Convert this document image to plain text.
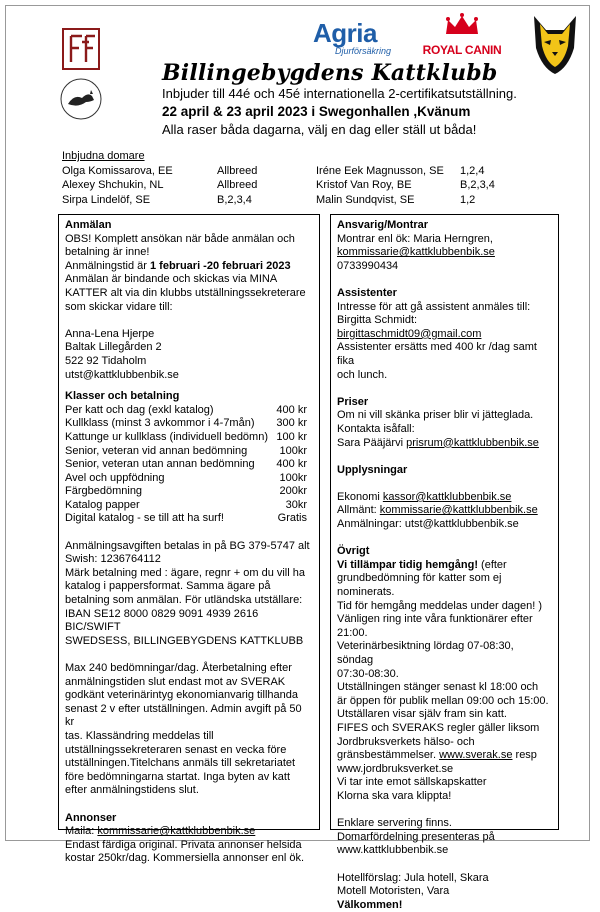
Agria
Djurförsäkring	ROYAL CANIN
Billingebygdens Kattklubb
Inbjuder till 44é och 45é internationella 2-certifikatsutställning.
22 april & 23 april 2023 i Swegonhallen ,Kvänum
Alla raser båda dagarna, välj en dag eller ställ ut båda!
Inbjudna domare
Olga Komissarova, EE	Allbreed	Iréne Eek Magnusson, SE 1,2,4
Alexey Shchukin, NL	Allbreed	Kristof Van Roy, BE	B,2,3,4
Sirpa Lindelöf, SE	B,2,3,4	Malin Sundqvist, SE	1,2
Anmälan
OBS! Komplett ansökan när både anmälan och
betalning är inne!
Anmälningstid är 1 februari -20 februari 2023
Anmälan är bindande och skickas via MINA
KATTER alt via din klubbs utställningssekreterare
som skickar vidare till:
Anna-Lena Hjerpe
Baltak Lillegården 2
522 92 Tidaholm
utst@kattklubbenbik.se
Klasser och betalning
Per katt och dag (exkl katalog)	400 kr
Kullklass (minst 3 avkommor i 4-7mån) 300 kr
Kattunge ur kullklass (individuell bedömn) 100 kr
Senior, veteran vid annan bedömning	100kr
Senior, veteran utan annan bedömning 400 kr
Avel och uppfödning	100kr
Färgbedömning	200kr
Katalog papper	30kr
Digital katalog - se till att ha surf!	Gratis
Anmälningsavgiften betalas in på BG 379-5747 alt
Swish: 1236764112
Märk betalning med : ägare, regnr + om du vill ha
katalog i pappersformat. Samma ägare på
betalning som anmälan. För utländska utställare:
IBAN SE12 8000 0829 9091 4939 2616 BIC/SWIFT
SWEDSESS, BILLINGEBYGDENS KATTKLUBB
Max 240 bedömningar/dag. Återbetalning efter
anmälningstiden slut endast mot av SVERAK
godkänt veterinärintyg ekonomianvarig tillhanda
senast 2 v efter utställningen. Admin avgift på 50 kr
tas. Klassändring meddelas till
utställningssekreteraren senast en vecka före
utställningen.Titelchans anmäls till sekretariatet
före bedömningarna startat. Inga byten av katt
efter anmälningstidens slut.
Annonser
Maila: kommissarie@kattklubbenbik.se
Endast färdiga original. Privata annonser helsida
kostar 250kr/dag. Kommersiella annonser enl ök.
Ansvarig/Montrar
Montrar enl ök: Maria Herngren,
kommissarie@kattklubbenbik.se
0733990434
Assistenter
Intresse för att gå assistent anmäles till:
Birgitta Schmidt: birgittaschmidt09@gmail.com
Assistenter ersätts med 400 kr /dag samt fika
och lunch.
Priser
Om ni vill skänka priser blir vi jätteglada.
Kontakta isåfall:
Sara Pääjärvi prisrum@kattklubbenbik.se
Upplysningar
Ekonomi kassor@kattklubbenbik.se
Allmänt: kommissarie@kattklubbenbik.se
Anmälningar: utst@kattklubbenbik.se
Övrigt
Vi tillämpar tidig hemgång! (efter
grundbedömning för katter som ej nominerats.
Tid för hemgång meddelas under dagen! )
Vänligen ring inte våra funktionärer efter 21:00.
Veterinärbesiktning lördag 07-08:30, söndag
07:30-08:30.
Utställningen stänger senast kl 18:00 och
är öppen för publik mellan 09:00 och 15:00.
Utställaren visar själv fram sin katt.
FIFES och SVERAKS regler gäller liksom
Jordbruksverkets hälso- och
gränsbestämmelser. www.sverak.se resp
www.jordbruksverket.se
Vi tar inte emot sällskapskatter
Klorna ska vara klippta!
Enklare servering finns.
Domarfördelning presenteras på
www.kattklubbenbik.se
Hotellförslag: Jula hotell, Skara
Motell Motoristen, Vara
Välkommen!
